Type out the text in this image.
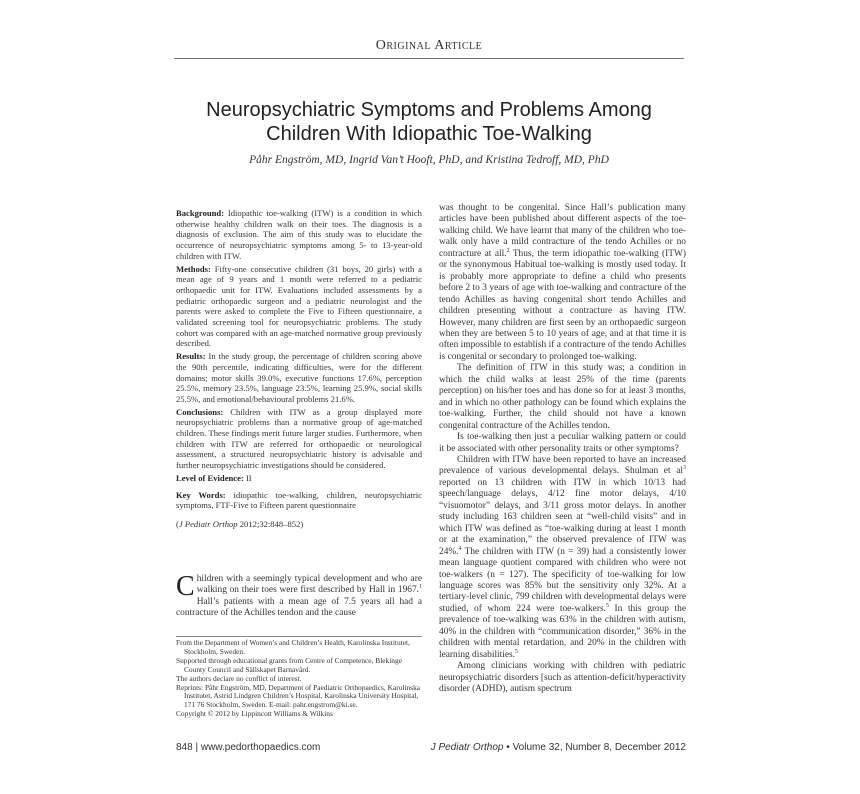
Original Article
Neuropsychiatric Symptoms and Problems Among
Children With Idiopathic Toe-Walking
Påhr Engström, MD, Ingrid Van’t Hooft, PhD, and Kristina Tedroff, MD, PhD

Background: Idiopathic toe-walking (ITW) is a condition in which otherwise healthy children walk on their toes. The diagnosis is a diagnosis of exclusion. The aim of this study was to elucidate the occurrence of neuropsychiatric symptoms among 5- to 13-year-old children with ITW.

Methods: Fifty-one consecutive children (31 boys, 20 girls) with a mean age of 9 years and 1 month were referred to a pediatric orthopaedic unit for ITW. Evaluations included assessments by a pediatric orthopaedic surgeon and a pediatric neurologist and the parents were asked to complete the Five to Fifteen questionnaire, a validated screening tool for neuropsychiatric problems. The study cohort was compared with an age-matched normative group previously described.

Results: In the study group, the percentage of children scoring above the 90th percentile, indicating difficulties, were for the different domains; motor skills 39.0%, executive functions 17.6%, perception 25.5%, memory 23.5%, language 23.5%, learning 25.9%, social skills 25.5%, and emotional/behavioural problems 21.6%.

Conclusions: Children with ITW as a group displayed more neuropsychiatric problems than a normative group of age-matched children. These findings merit future larger studies. Furthermore, when children with ITW are referred for orthopaedic or neurological assessment, a structured neuropsychiatric history is advisable and further neuropsychiatric investigations should be considered.

Level of Evidence: II

Key Words: idiopathic toe-walking, children, neuropsychiatric symptoms, FTF-Five to Fifteen parent questionnaire

(J Pediatr Orthop 2012;32:848–852)

Children with a seemingly typical development and who are walking on their toes were first described by Hall in 1967.$^1$ Hall’s patients with a mean age of 7.5 years all had a contracture of the Achilles tendon and the cause

From the Department of Women’s and Children’s Health, Karolinska Institutet, Stockholm, Sweden.

Supported through educational grants from Centre of Competence, Blekinge County Council and Sällskapet Barnavård.

The authors declare no conflict of interest.

Reprints: Påhr Engström, MD, Department of Paediatric Orthopaedics, Karolinska Institutet, Astrid Lindgren Children’s Hospital, Karolinska University Hospital, 171 76 Stockholm, Sweden. E-mail: pahr.engstrom@ki.se.

Copyright © 2012 by Lippincott Williams & Wilkins

was thought to be congenital. Since Hall’s publication many articles have been published about different aspects of the toe-walking child. We have learnt that many of the children who toe-walk only have a mild contracture of the tendo Achilles or no contracture at all.$^2$ Thus, the term idiopathic toe-walking (ITW) or the synonymous Habitual toe-walking is mostly used today. It is probably more appropriate to define a child who presents before 2 to 3 years of age with toe-walking and contracture of the tendo Achilles as having congenital short tendo Achilles and children presenting without a contracture as having ITW. However, many children are first seen by an orthopaedic surgeon when they are between 5 to 10 years of age, and at that time it is often impossible to establish if a contracture of the tendo Achilles is congenital or secondary to prolonged toe-walking.

The definition of ITW in this study was; a condition in which the child walks at least 25% of the time (parents perception) on his/her toes and has done so for at least 3 months, and in which no other pathology can be found which explains the toe-walking. Further, the child should not have a known congenital contracture of the Achilles tendon.

Is toe-walking then just a peculiar walking pattern or could it be associated with other personality traits or other symptoms?

Children with ITW have been reported to have an increased prevalence of various developmental delays. Shulman et $al^3$ reported on 13 children with ITW in which 10/13 had speech/language delays, 4/12 fine motor delays, 4/10 “visuomotor” delays, and 3/11 gross motor delays. In another study including 163 children seen at “well-child visits” and in which ITW was defined as “toe-walking during at least 1 month or at the examination,” the observed prevalence of ITW was 24%.$^4$ The children with ITW (n = 39) had a consistently lower mean language quotient compared with children who were not toe-walkers (n = 127). The specificity of toe-walking for low language scores was 85% but the sensitivity only 32%. At a tertiary-level clinic, 799 children with developmental delays were studied, of whom 224 were toe-walkers.$^5$ In this group the prevalence of toe-walking was 63% in the children with autism, 40% in the children with “communication disorder,” 36% in the children with mental retardation, and 20% in the children with learning disabilities.$^5$

Among clinicians working with children with pediatric neuropsychiatric disorders [such as attention-deficit/hyperactivity disorder (ADHD), autism spectrum

848 | www.pedorthopaedics.com	J Pediatr Orthop • Volume 32, Number 8, December 2012
